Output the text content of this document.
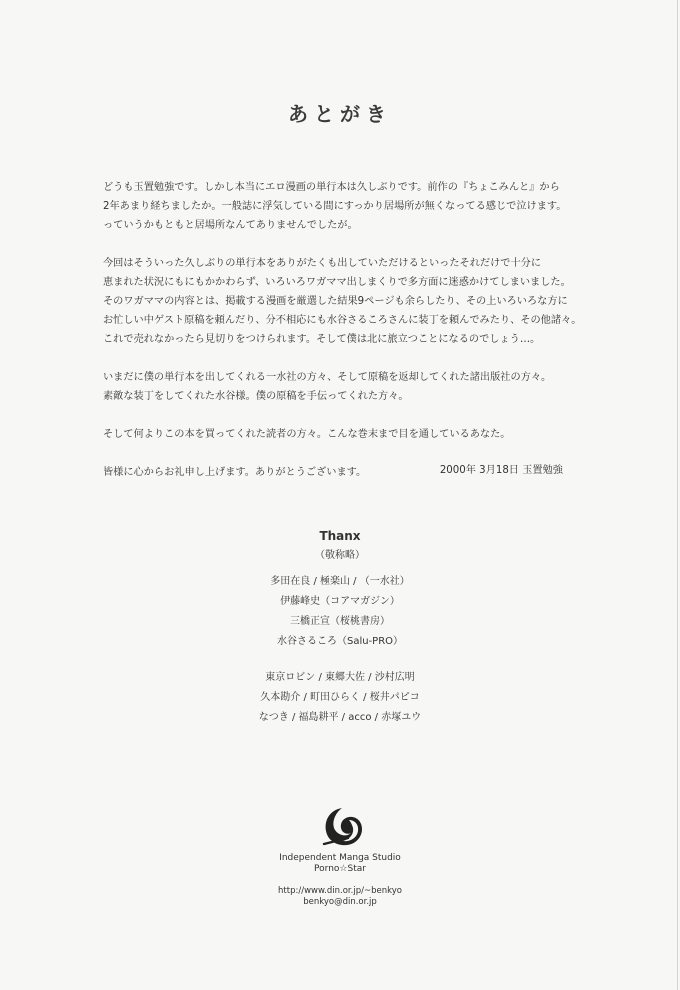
あとがき
どうも玉置勉強です。しかし本当にエロ漫画の単行本は久しぶりです。前作の『ちょこみんと』から
2年あまり経ちましたか。一般誌に浮気している間にすっかり居場所が無くなってる感じで泣けます。
っていうかもともと居場所なんてありませんでしたが。
今回はそういった久しぶりの単行本をありがたくも出していただけるといったそれだけで十分に
恵まれた状況にもにもかかわらず、いろいろワガママ出しまくりで多方面に迷惑かけてしまいました。
そのワガママの内容とは、掲載する漫画を厳選した結果9ページも余らしたり、その上いろいろな方に
お忙しい中ゲスト原稿を頼んだり、分不相応にも水谷さるころさんに装丁を頼んでみたり、その他諸々。
これで売れなかったら見切りをつけられます。そして僕は北に旅立つことになるのでしょう…。
いまだに僕の単行本を出してくれる一水社の方々、そして原稿を返却してくれた諸出版社の方々。
素敵な装丁をしてくれた水谷様。僕の原稿を手伝ってくれた方々。
そして何よりこの本を買ってくれた読者の方々。こんな巻末まで目を通しているあなた。
皆様に心からお礼申し上げます。ありがとうございます。	2000年 3月18日 玉置勉強
Thanx
（敬称略）
多田在良 / 極楽山 / （一水社）
伊藤峰史（コアマガジン）
三橋正宣（桜桃書房）
水谷さるころ（Salu-PRO）
東京ロビン / 東郷大佐 / 沙村広明
久本勘介 / 町田ひらく / 桜井パピコ
なつき / 福島耕平 / acco / 赤塚ユウ
Independent Manga Studio
Porno☆Star
http://www.din.or.jp/~benkyo
benkyo@din.or.jp
